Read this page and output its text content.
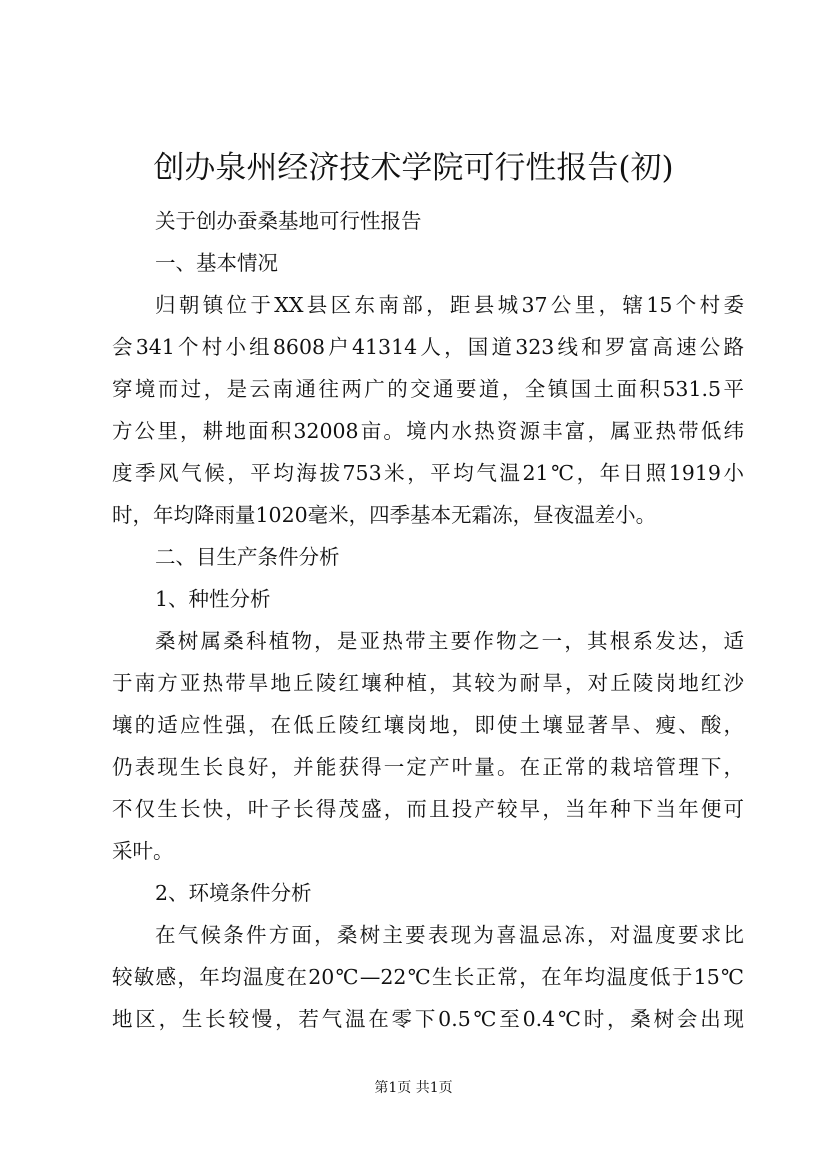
创办泉州经济技术学院可行性报告(初)
关于创办蚕桑基地可行性报告
一、基本情况
归朝镇位于XX县区东南部，距县城37公里，辖15个村委
会341个村小组8608户41314人，国道323线和罗富高速公路
穿境而过，是云南通往两广的交通要道，全镇国土面积531.5平
方公里，耕地面积32008亩。境内水热资源丰富，属亚热带低纬
度季风气候，平均海拔753米，平均气温21℃，年日照1919小
时，年均降雨量1020毫米，四季基本无霜冻，昼夜温差小。
二、目生产条件分析
1、种性分析
桑树属桑科植物，是亚热带主要作物之一，其根系发达，适
于南方亚热带旱地丘陵红壤种植，其较为耐旱，对丘陵岗地红沙
壤的适应性强，在低丘陵红壤岗地，即使土壤显著旱、瘦、酸，
仍表现生长良好，并能获得一定产叶量。在正常的栽培管理下，
不仅生长快，叶子长得茂盛，而且投产较早，当年种下当年便可
采叶。
2、环境条件分析
在气候条件方面，桑树主要表现为喜温忌冻，对温度要求比
较敏感，年均温度在20℃—22℃生长正常，在年均温度低于15℃
地区，生长较慢，若气温在零下0.5℃至0.4℃时，桑树会出现
第1页 共1页
